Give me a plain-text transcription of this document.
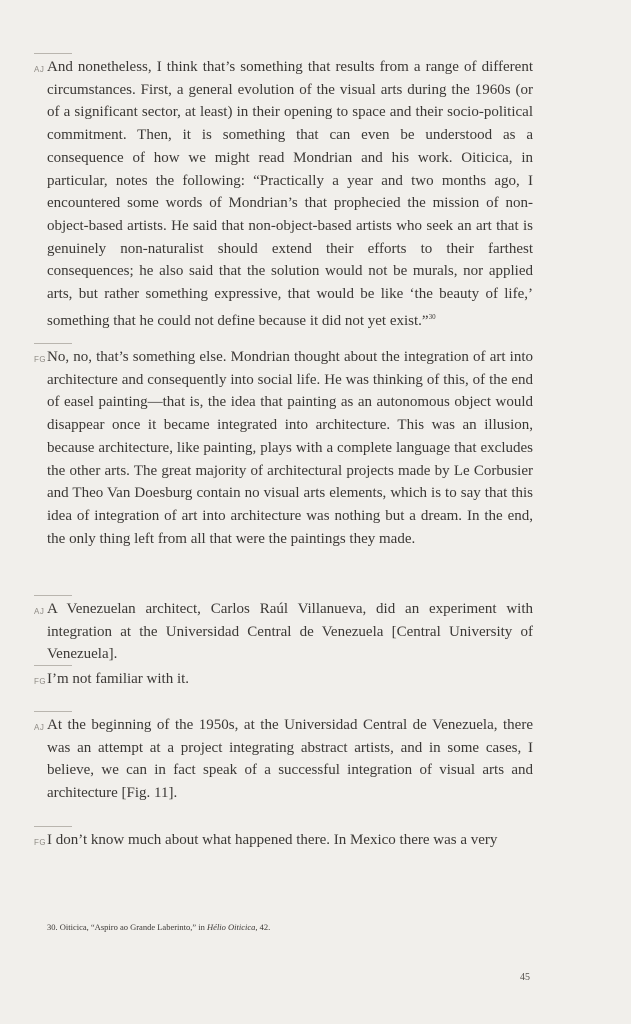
AJ And nonetheless, I think that’s something that results from a range of different circumstances. First, a general evolution of the visual arts during the 1960s (or of a significant sector, at least) in their opening to space and their socio-political commitment. Then, it is something that can even be understood as a consequence of how we might read Mondrian and his work. Oiticica, in particular, notes the following: “Practically a year and two months ago, I encountered some words of Mondrian’s that prophecied the mission of non-object-based artists. He said that non-object-based artists who seek an art that is genuinely non-naturalist should extend their efforts to their farthest consequences; he also said that the solution would not be murals, nor applied arts, but rather something expressive, that would be like ‘the beauty of life,’ something that he could not define because it did not yet exist.”$^{30}$

FG No, no, that’s something else. Mondrian thought about the integration of art into architecture and consequently into social life. He was thinking of this, of the end of easel painting—that is, the idea that painting as an autonomous object would disappear once it became integrated into architecture. This was an illusion, because architecture, like painting, plays with a complete language that excludes the other arts. The great majority of architectural projects made by Le Corbusier and Theo Van Doesburg contain no visual arts elements, which is to say that this idea of integration of art into architecture was nothing but a dream. In the end, the only thing left from all that were the paintings they made.

AJ A Venezuelan architect, Carlos Raúl Villanueva, did an experiment with integration at the Universidad Central de Venezuela [Central University of Venezuela].

FG I’m not familiar with it.

AJ At the beginning of the 1950s, at the Universidad Central de Venezuela, there was an attempt at a project integrating abstract artists, and in some cases, I believe, we can in fact speak of a successful integration of visual arts and architecture [Fig. 11].

FG I don’t know much about what happened there. In Mexico there was a very

30. Oiticica, “Aspiro ao Grande Laberinto,” in Hélio Oiticica, 42.
45
